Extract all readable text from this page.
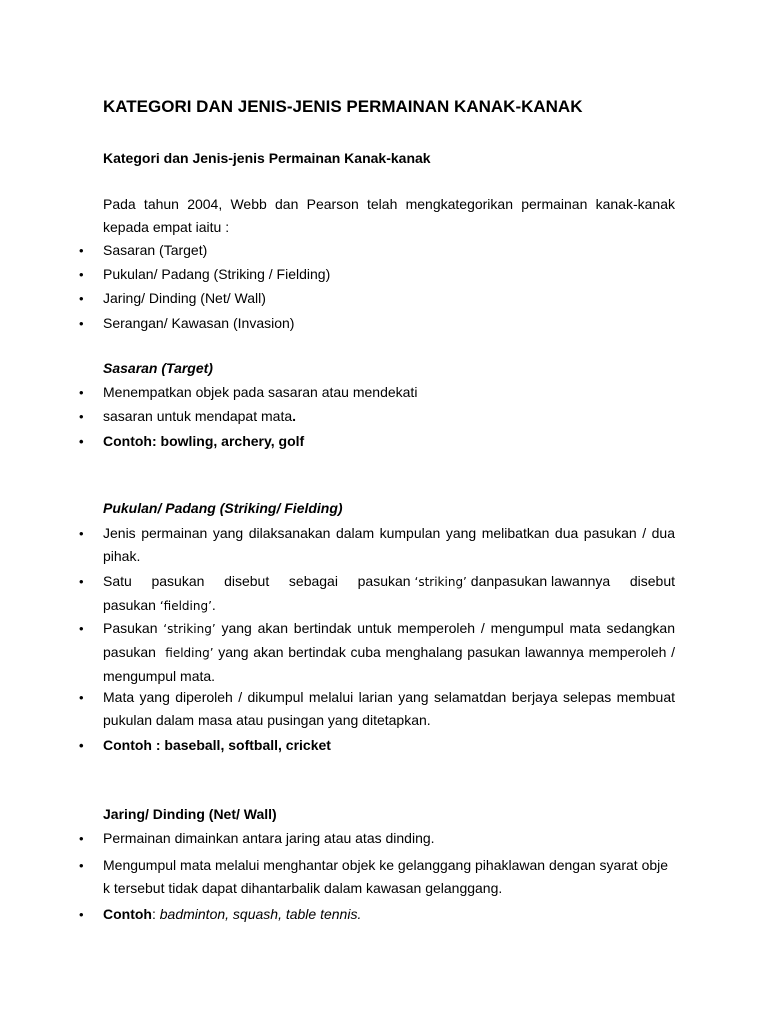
KATEGORI DAN JENIS-JENIS PERMAINAN KANAK-KANAK
Kategori dan Jenis-jenis Permainan Kanak-kanak
Pada tahun 2004, Webb dan Pearson telah mengkategorikan permainan kanak-kanak
kepada empat iaitu :
• Sasaran (Target)
• Pukulan/ Padang (Striking / Fielding)
• Jaring/ Dinding (Net/ Wall)
• Serangan/ Kawasan (Invasion)
Sasaran (Target)
• Menempatkan objek pada sasaran atau mendekati
• sasaran untuk mendapat mata.
• Contoh: bowling, archery, golf
Pukulan/ Padang (Striking/ Fielding)
• Jenis permainan yang dilaksanakan dalam kumpulan yang melibatkan dua pasukan / dua
pihak.
• Satu     pasukan     disebut     sebagai     pasukan ‘striking’ danpasukan lawannya     disebut
pasukan ‘fielding’.
• Pasukan ‘striking’ yang akan bertindak untuk memperoleh / mengumpul mata sedangkan
pasukan  fielding’ yang akan bertindak cuba menghalang pasukan lawannya memperoleh /
mengumpul mata.
• Mata yang diperoleh / dikumpul melalui larian yang selamatdan berjaya selepas membuat
pukulan dalam masa atau pusingan yang ditetapkan.
• Contoh : baseball, softball, cricket
Jaring/ Dinding (Net/ Wall)
• Permainan dimainkan antara jaring atau atas dinding.
• Mengumpul mata melalui menghantar objek ke gelanggang pihaklawan dengan syarat obje
k tersebut tidak dapat dihantarbalik dalam kawasan gelanggang.
• Contoh: badminton, squash, table tennis.
